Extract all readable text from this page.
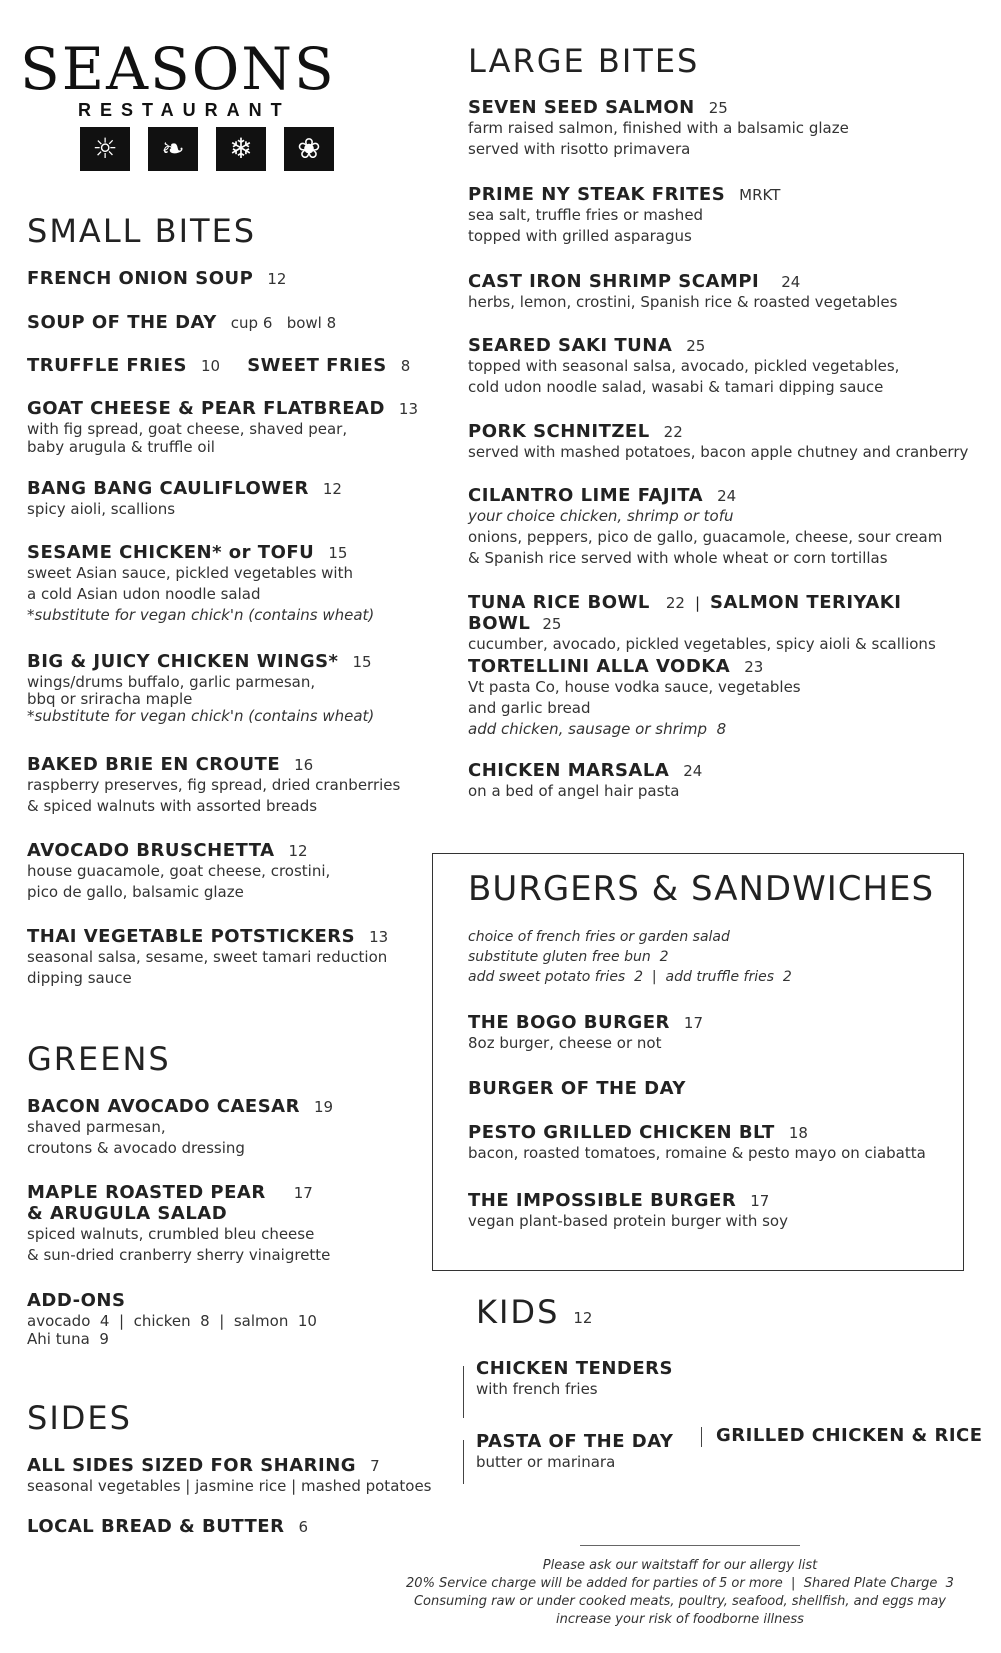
SEASONS
RESTAURANT
☼	❧	❄	❀
SMALL BITES
FRENCH ONION SOUP 12
SOUP OF THE DAY cup 6   bowl 8
TRUFFLE FRIES 10 SWEET FRIES 8
GOAT CHEESE & PEAR FLATBREAD 13
with fig spread, goat cheese, shaved pear,
baby arugula & truffle oil
BANG BANG CAULIFLOWER 12
spicy aioli, scallions
SESAME CHICKEN* or TOFU 15
sweet Asian sauce, pickled vegetables with
a cold Asian udon noodle salad
*substitute for vegan chick'n (contains wheat)
BIG & JUICY CHICKEN WINGS* 15
wings/drums buffalo, garlic parmesan,
bbq or sriracha maple
*substitute for vegan chick'n (contains wheat)
BAKED BRIE EN CROUTE 16
raspberry preserves, fig spread, dried cranberries
& spiced walnuts with assorted breads
AVOCADO BRUSCHETTA 12
house guacamole, goat cheese, crostini,
pico de gallo, balsamic glaze
THAI VEGETABLE POTSTICKERS 13
seasonal salsa, sesame, sweet tamari reduction
dipping sauce
GREENS
BACON AVOCADO CAESAR 19
shaved parmesan,
croutons & avocado dressing
MAPLE ROASTED PEAR 17
& ARUGULA SALAD
spiced walnuts, crumbled bleu cheese
& sun-dried cranberry sherry vinaigrette
ADD-ONS
avocado  4  |  chicken  8  |  salmon  10
Ahi tuna  9
SIDES
ALL SIDES SIZED FOR SHARING 7
seasonal vegetables | jasmine rice | mashed potatoes
LOCAL BREAD & BUTTER 6
LARGE BITES
SEVEN SEED SALMON 25
farm raised salmon, finished with a balsamic glaze
served with risotto primavera
PRIME NY STEAK FRITES MRKT
sea salt, truffle fries or mashed
topped with grilled asparagus
CAST IRON SHRIMP SCAMPI 24
herbs, lemon, crostini, Spanish rice & roasted vegetables
SEARED SAKI TUNA 25
topped with seasonal salsa, avocado, pickled vegetables,
cold udon noodle salad, wasabi & tamari dipping sauce
PORK SCHNITZEL 22
served with mashed potatoes, bacon apple chutney and cranberry
CILANTRO LIME FAJITA 24
your choice chicken, shrimp or tofu
onions, peppers, pico de gallo, guacamole, cheese, sour cream
& Spanish rice served with whole wheat or corn tortillas
TUNA RICE BOWL 22 | SALMON TERIYAKI BOWL 25
cucumber, avocado, pickled vegetables, spicy aioli & scallions
TORTELLINI ALLA VODKA 23
Vt pasta Co, house vodka sauce, vegetables
and garlic bread
add chicken, sausage or shrimp  8
CHICKEN MARSALA 24
on a bed of angel hair pasta
BURGERS & SANDWICHES
choice of french fries or garden salad
substitute gluten free bun  2
add sweet potato fries  2  |  add truffle fries  2
THE BOGO BURGER 17
8oz burger, cheese or not
BURGER OF THE DAY
PESTO GRILLED CHICKEN BLT 18
bacon, roasted tomatoes, romaine & pesto mayo on ciabatta
THE IMPOSSIBLE BURGER 17
vegan plant-based protein burger with soy
KIDS 12
CHICKEN TENDERS
with french fries
PASTA OF THE DAY
butter or marinara
GRILLED CHICKEN & RICE
Please ask our waitstaff for our allergy list
20% Service charge will be added for parties of 5 or more  |  Shared Plate Charge  3
Consuming raw or under cooked meats, poultry, seafood, shellfish, and eggs may
increase your risk of foodborne illness
